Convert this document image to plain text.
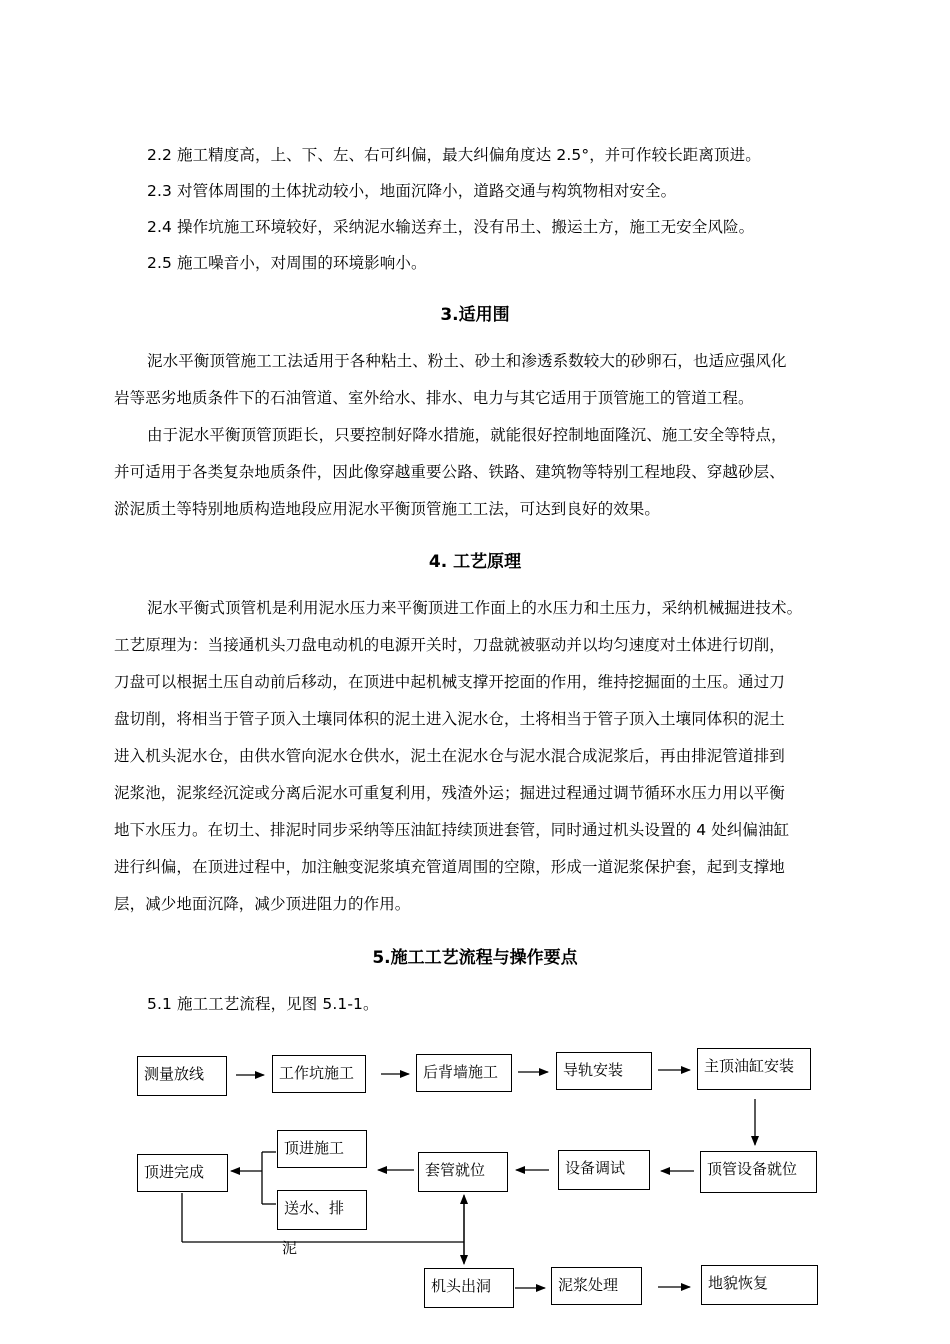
2.2 施工精度高，上、下、左、右可纠偏，最大纠偏角度达 2.5°，并可作较长距离顶进。
2.3 对管体周围的土体扰动较小，地面沉降小，道路交通与构筑物相对安全。
2.4 操作坑施工环境较好，采纳泥水输送弃土，没有吊土、搬运土方，施工无安全风险。
2.5 施工噪音小，对周围的环境影响小。
3.适用围
泥水平衡顶管施工工法适用于各种粘土、粉土、砂土和渗透系数较大的砂卵石，也适应强风化
岩等恶劣地质条件下的石油管道、室外给水、排水、电力与其它适用于顶管施工的管道工程。
由于泥水平衡顶管顶距长，只要控制好降水措施，就能很好控制地面隆沉、施工安全等特点，
并可适用于各类复杂地质条件，因此像穿越重要公路、铁路、建筑物等特别工程地段、穿越砂层、
淤泥质土等特别地质构造地段应用泥水平衡顶管施工工法，可达到良好的效果。
4. 工艺原理
泥水平衡式顶管机是利用泥水压力来平衡顶进工作面上的水压力和土压力，采纳机械掘进技术。
工艺原理为：当接通机头刀盘电动机的电源开关时，刀盘就被驱动并以均匀速度对土体进行切削，
刀盘可以根据土压自动前后移动，在顶进中起机械支撑开挖面的作用，维持挖掘面的土压。通过刀
盘切削，将相当于管子顶入土壤同体积的泥土进入泥水仓，土将相当于管子顶入土壤同体积的泥土
进入机头泥水仓，由供水管向泥水仓供水，泥土在泥水仓与泥水混合成泥浆后，再由排泥管道排到
泥浆池，泥浆经沉淀或分离后泥水可重复利用，残渣外运；掘进过程通过调节循环水压力用以平衡
地下水压力。在切土、排泥时同步采纳等压油缸持续顶进套管，同时通过机头设置的 4 处纠偏油缸
进行纠偏，在顶进过程中，加注触变泥浆填充管道周围的空隙，形成一道泥浆保护套，起到支撑地
层，减少地面沉降，减少顶进阻力的作用。
5.施工工艺流程与操作要点
5.1 施工工艺流程，见图 5.1-1。
测量放线	工作坑施工	后背墙施工	导轨安装	主顶油缸安装
顶管设备就位
设备调试
套管就位
顶进施工
送水、排
泥
顶进完成
机头出洞	泥浆处理	地貌恢复
